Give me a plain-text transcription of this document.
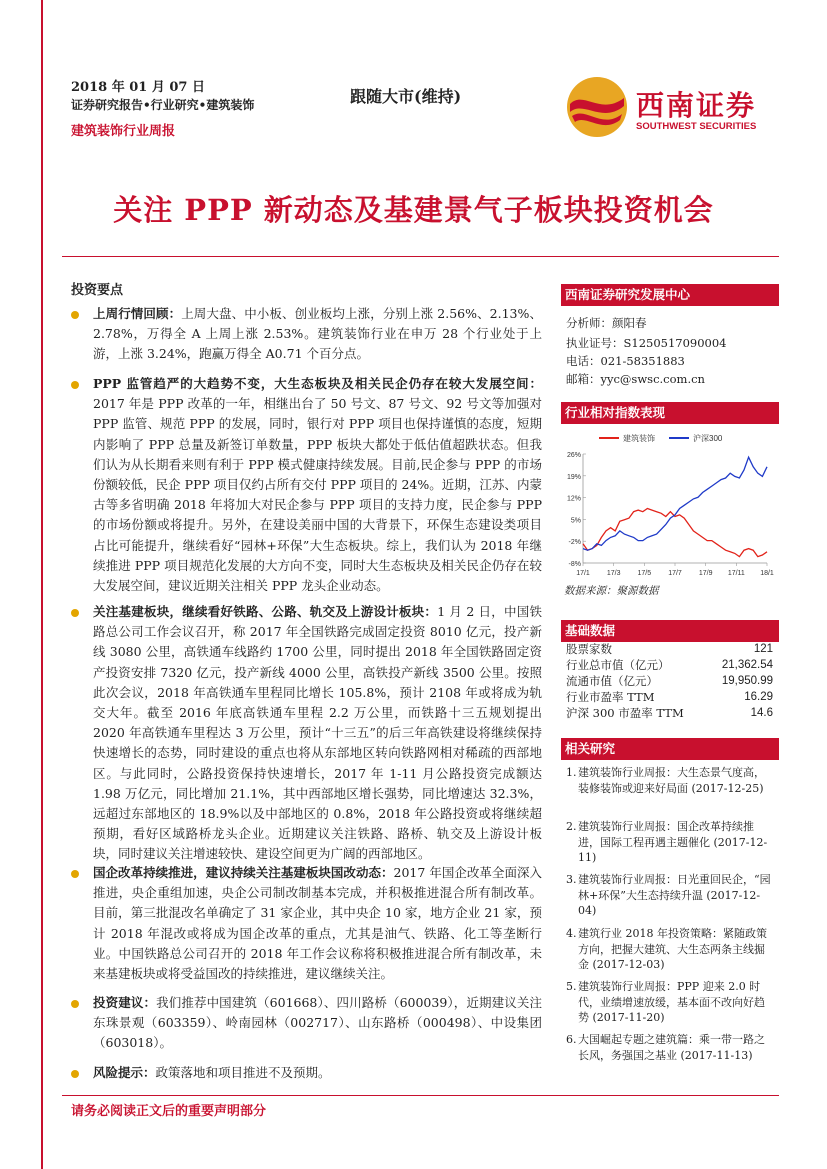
2018 年 01 月 07 日
证券研究报告•行业研究•建筑装饰
建筑装饰行业周报
跟随大市(维持)	西南证券
SOUTHWEST SECURITIES
关注 PPP 新动态及基建景气子板块投资机会
投资要点
上周行情回顾：上周大盘、中小板、创业板均上涨，分别上涨 2.56%、2.13%、2.78%，万得全 A 上周上涨 2.53%。建筑装饰行业在申万 28 个行业处于上游，上涨 3.24%，跑赢万得全 A0.71 个百分点。
PPP 监管趋严的大趋势不变，大生态板块及相关民企仍存在较大发展空间：2017 年是 PPP 改革的一年，相继出台了 50 号文、87 号文、92 号文等加强对 PPP 监管、规范 PPP 的发展，同时，银行对 PPP 项目也保持谨慎的态度，短期内影响了 PPP 总量及新签订单数量，PPP 板块大都处于低估值超跌状态。但我们认为从长期看来则有利于 PPP 模式健康持续发展。目前,民企参与 PPP 的市场份额较低，民企 PPP 项目仅约占所有交付 PPP 项目的 24%。近期，江苏、内蒙古等多省明确 2018 年将加大对民企参与 PPP 项目的支持力度，民企参与 PPP 的市场份额或将提升。另外，在建设美丽中国的大背景下，环保生态建设类项目占比可能提升，继续看好“园林+环保”大生态板块。综上，我们认为 2018 年继续推进 PPP 项目规范化发展的大方向不变，同时大生态板块及相关民企仍存在较大发展空间，建议近期关注相关 PPP 龙头企业动态。
关注基建板块，继续看好铁路、公路、轨交及上游设计板块：1 月 2 日，中国铁路总公司工作会议召开，称 2017 年全国铁路完成固定投资 8010 亿元，投产新线 3080 公里，高铁通车线路约 1700 公里，同时提出 2018 年全国铁路固定资产投资安排 7320 亿元，投产新线 4000 公里，高铁投产新线 3500 公里。按照此次会议，2018 年高铁通车里程同比增长 105.8%，预计 2108 年或将成为轨交大年。截至 2016 年底高铁通车里程 2.2 万公里，而铁路十三五规划提出 2020 年高铁通车里程达 3 万公里，预计“十三五”的后三年高铁建设将继续保持快速增长的态势，同时建设的重点也将从东部地区转向铁路网相对稀疏的西部地区。与此同时，公路投资保持快速增长，2017 年 1-11 月公路投资完成额达 1.98 万亿元，同比增加 21.1%，其中西部地区增长强势，同比增速达 32.3%，远超过东部地区的 18.9%以及中部地区的 0.8%，2018 年公路投资或将继续超预期，看好区域路桥龙头企业。近期建议关注铁路、路桥、轨交及上游设计板块，同时建议关注增速较快、建设空间更为广阔的西部地区。
国企改革持续推进，建议持续关注基建板块国改动态：2017 年国企改革全面深入推进，央企重组加速，央企公司制改制基本完成，并积极推进混合所有制改革。目前，第三批混改名单确定了 31 家企业，其中央企 10 家，地方企业 21 家，预计 2018 年混改或将成为国企改革的重点，尤其是油气、铁路、化工等垄断行业。中国铁路总公司召开的 2018 年工作会议称将积极推进混合所有制改革，未来基建板块或将受益国改的持续推进，建议继续关注。
投资建议：我们推荐中国建筑（601668）、四川路桥（600039），近期建议关注东珠景观（603359）、岭南园林（002717）、山东路桥（000498）、中设集团（603018）。
风险提示：政策落地和项目推进不及预期。
西南证券研究发展中心
分析师：颜阳春
执业证号：S1250517090004
电话：021-58351883
邮箱：yyc@swsc.com.cn
行业相对指数表现
建筑装饰	沪深300
26%
19%
12%
5%
-2%
-8%
17/1 17/3 17/5 17/7 17/9 17/11 18/1
数据来源：聚源数据
基础数据
股票家数	121
行业总市值（亿元）	21,362.54
流通市值（亿元）	19,950.99
行业市盈率 TTM	16.29
沪深 300 市盈率 TTM	14.6
相关研究
1. 建筑装饰行业周报：大生态景气度高，装修装饰或迎来好局面 (2017-12-25)
2. 建筑装饰行业周报：国企改革持续推进，国际工程再遇主题催化 (2017-12-11)
3. 建筑装饰行业周报：日光重回民企，“园林+环保”大生态持续升温 (2017-12-04)
4. 建筑行业 2018 年投资策略：紧随政策方向，把握大建筑、大生态两条主线掘金 (2017-12-03)
5. 建筑装饰行业周报：PPP 迎来 2.0 时代，业绩增速放缓，基本面不改向好趋势 (2017-11-20)
6. 大国崛起专题之建筑篇：乘一带一路之长风，务强国之基业 (2017-11-13)
请务必阅读正文后的重要声明部分
